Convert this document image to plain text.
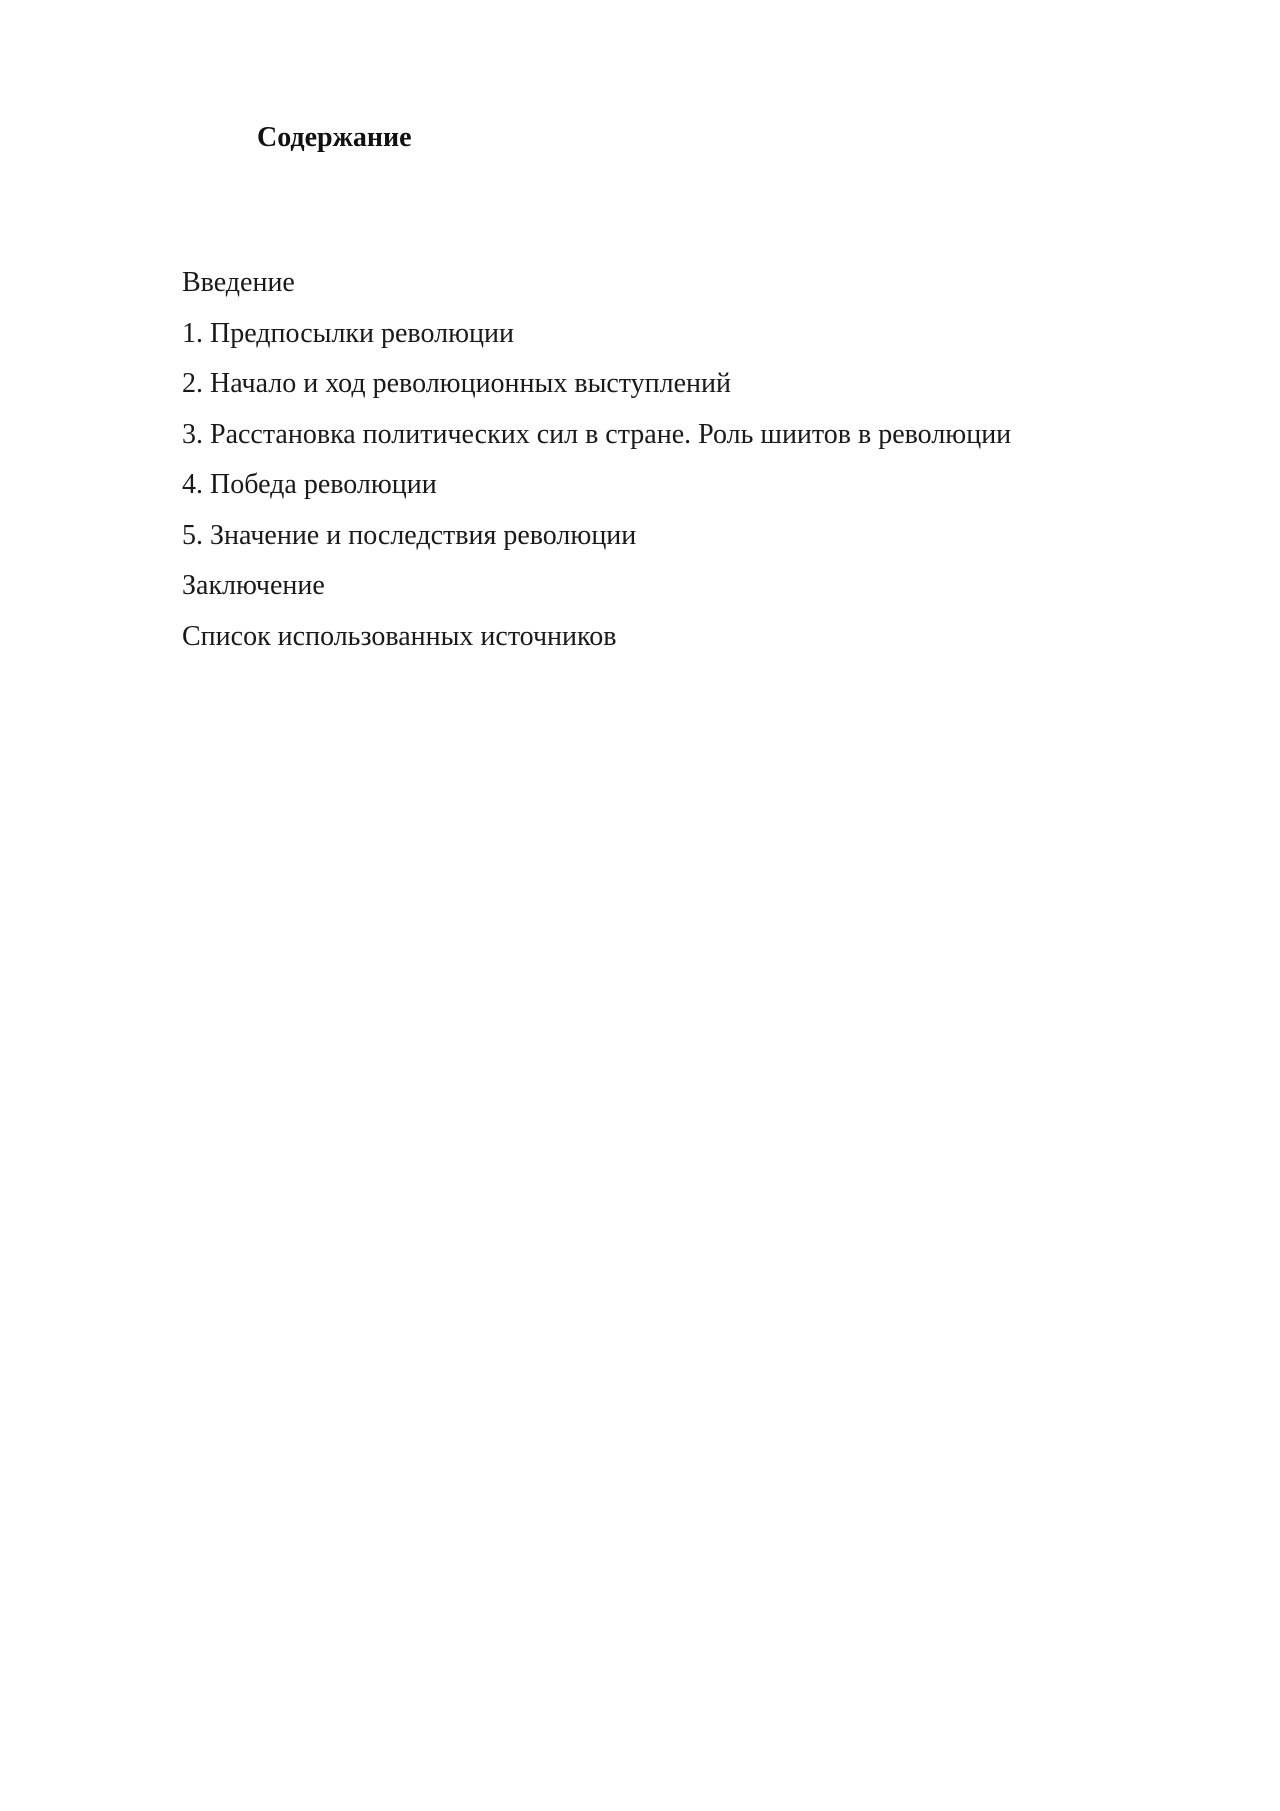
Содержание
Введение
1. Предпосылки революции
2. Начало и ход революционных выступлений
3. Расстановка политических сил в стране. Роль шиитов в революции
4. Победа революции
5. Значение и последствия революции
Заключение
Список использованных источников
